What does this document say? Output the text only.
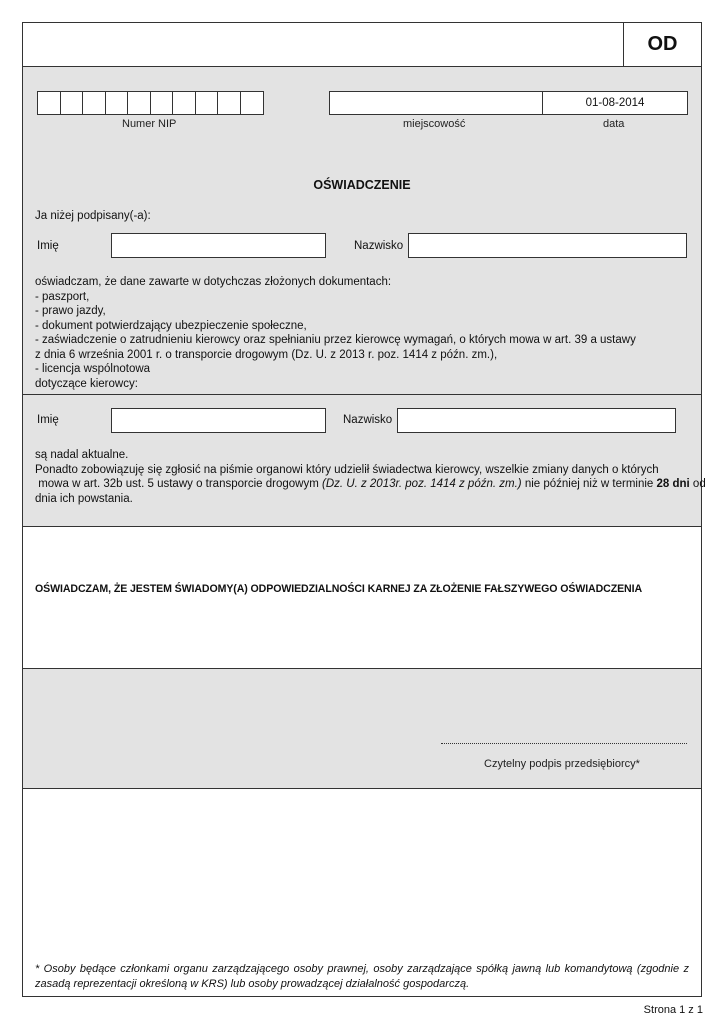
OD
Numer NIP
01-08-2014
miejscowość	data
OŚWIADCZENIE
Ja niżej podpisany(-a):
Imię	Nazwisko
oświadczam, że dane zawarte w dotychczas złożonych dokumentach:
- paszport,
- prawo jazdy,
- dokument potwierdzający ubezpieczenie społeczne,
- zaświadczenie o zatrudnieniu kierowcy oraz spełnianiu przez kierowcę wymagań, o których mowa w art. 39 a ustawy
z dnia 6 września 2001 r. o transporcie drogowym (Dz. U. z 2013 r. poz. 1414 z późn. zm.),
- licencja wspólnotowa
dotyczące kierowcy:
Imię	Nazwisko
są nadal aktualne.
Ponadto zobowiązuję się zgłosić na piśmie organowi który udzielił świadectwa kierowcy, wszelkie zmiany danych o których
mowa w art. 32b ust. 5 ustawy o transporcie drogowym (Dz. U. z 2013r. poz. 1414 z późn. zm.) nie później niż w terminie 28 dni od
dnia ich powstania.
OŚWIADCZAM, ŻE JESTEM ŚWIADOMY(A) ODPOWIEDZIALNOŚCI KARNEJ ZA ZŁOŻENIE FAŁSZYWEGO OŚWIADCZENIA
Czytelny podpis przedsiębiorcy*
* Osoby będące członkami organu zarządzającego osoby prawnej, osoby zarządzające spółką jawną lub komandytową (zgodnie z zasadą reprezentacji określoną w KRS) lub osoby prowadzącej działalność gospodarczą.
Strona 1 z 1
